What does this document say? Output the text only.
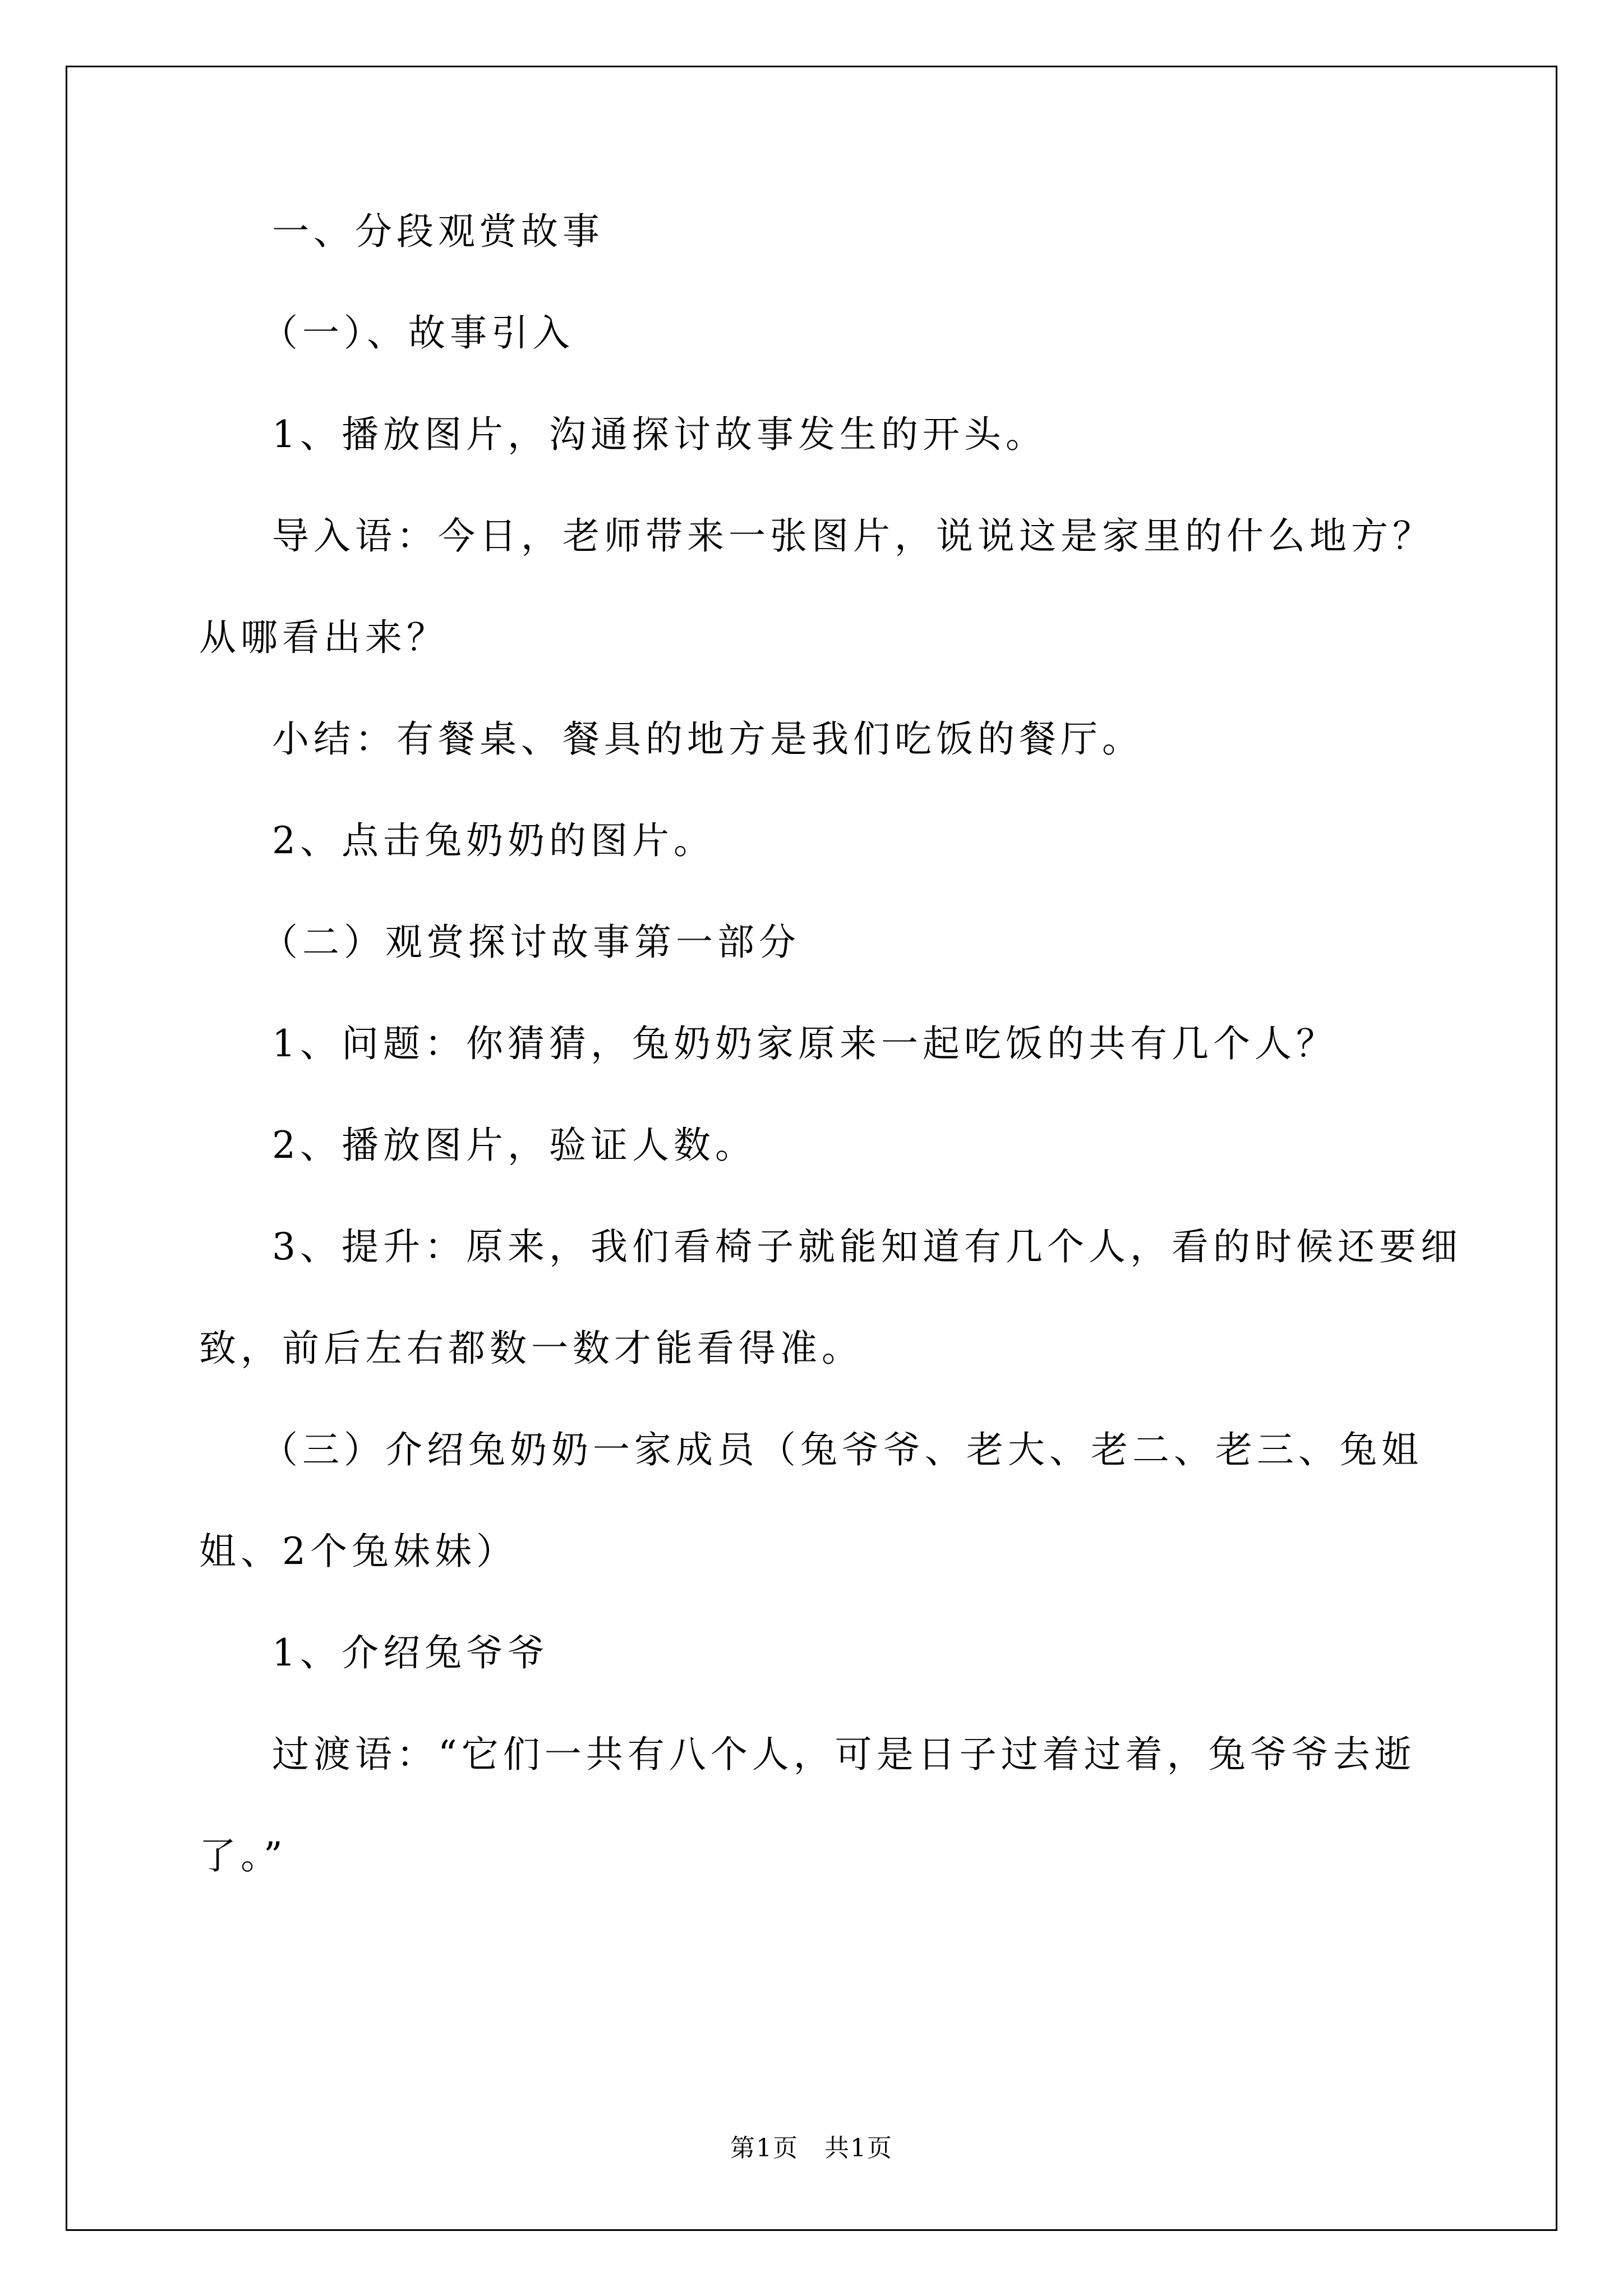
一、分段观赏故事

（一）、故事引入

1、播放图片，沟通探讨故事发生的开头。

导入语：今日，老师带来一张图片，说说这是家里的什么地方？
从哪看出来？

小结：有餐桌、餐具的地方是我们吃饭的餐厅。

2、点击兔奶奶的图片。

（二）观赏探讨故事第一部分

1、问题：你猜猜，兔奶奶家原来一起吃饭的共有几个人？

2、播放图片，验证人数。

3、提升：原来，我们看椅子就能知道有几个人，看的时候还要细
致，前后左右都数一数才能看得准。

（三）介绍兔奶奶一家成员（兔爷爷、老大、老二、老三、兔姐
姐、2个兔妹妹）

1、介绍兔爷爷

过渡语：“它们一共有八个人，可是日子过着过着，兔爷爷去逝
了。”

第1页　共1页
